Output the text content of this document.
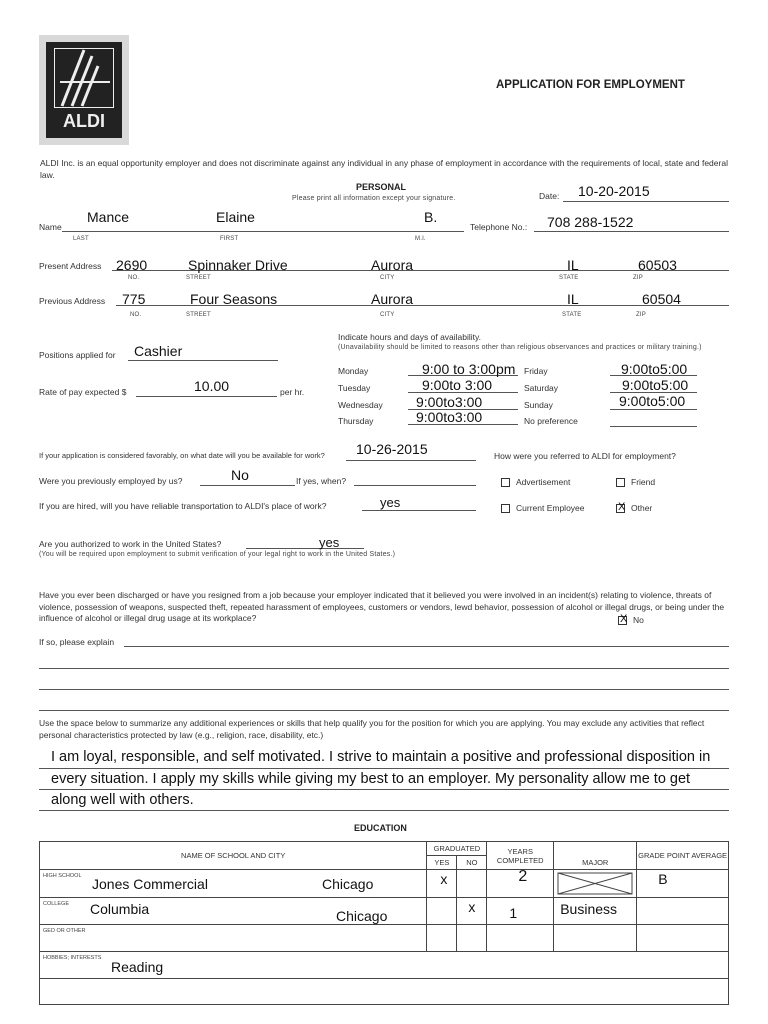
ALDI
APPLICATION FOR EMPLOYMENT
ALDI Inc. is an equal opportunity employer and does not discriminate against any individual in any phase of employment in accordance with the requirements of local, state and federal law.
PERSONAL
Please print all information except your signature.	Date: 10-20-2015
Name
Mance	Elaine	B.
LAST	FIRST	M.I.
Telephone No.: 708 288-1522
Present Address 2690	Spinnaker Drive	Aurora	IL	60503
NO.	STREET	CITY	STATE	ZIP
Previous Address 775	Four Seasons	Aurora	IL	60504
NO.	STREET	CITY	STATE	ZIP
Indicate hours and days of availability.
(Unavailability should be limited to reasons other than religious observances and practices or military training.)
Positions applied for Cashier
Monday	9:00 to 3:00pm
Tuesday	9:00to 3:00
Wednesday 9:00to3:00
Thursday	9:00to3:00
Friday	9:00to5:00
Saturday	9:00to5:00
Sunday	9:00to5:00
No preference
Rate of pay expected $	10.00	per hr.
If your application is considered favorably, on what date will you be available for work? 10-26-2015	How were you referred to ALDI for employment?
Were you previously employed by us?	No	If yes, when?	Advertisement	Friend
If you are hired, will you have reliable transportation to ALDI's place of work?	yes	Current Employee	X Other
Are you authorized to work in the United States?	yes
(You will be required upon employment to submit verification of your legal right to work in the United States.)
Have you ever been discharged or have you resigned from a job because your employer indicated that it believed you were involved in an incident(s) relating to violence, threats of violence, possession of weapons, suspected theft, repeated harassment of employees, customers or vendors, lewd behavior, possession of alcohol or illegal drugs, or being under the influence of alcohol or illegal drug usage at its workplace?	X No
If so, please explain
Use the space below to summarize any additional experiences or skills that help qualify you for the position for which you are applying. You may exclude any activities that reflect personal characteristics protected by law (e.g., religion, race, disability, etc.)
I am loyal, responsible, and self motivated. I strive to maintain a positive and professional disposition in
every situation. I apply my skills while giving my best to an employer. My personality allow me to get
along well with others.
EDUCATION
NAME OF SCHOOL AND CITY	GRADUATED		YEARS COMPLETED	MAJOR	GRADE POINT AVERAGE
	YES	NO			

HIGH SCHOOL Jones Commercial Chicago	x		2		B

COLLEGE Columbia Chicago		x	1	Business	

GED OR OTHER					

HOBBIES; INTERESTS
Reading					
